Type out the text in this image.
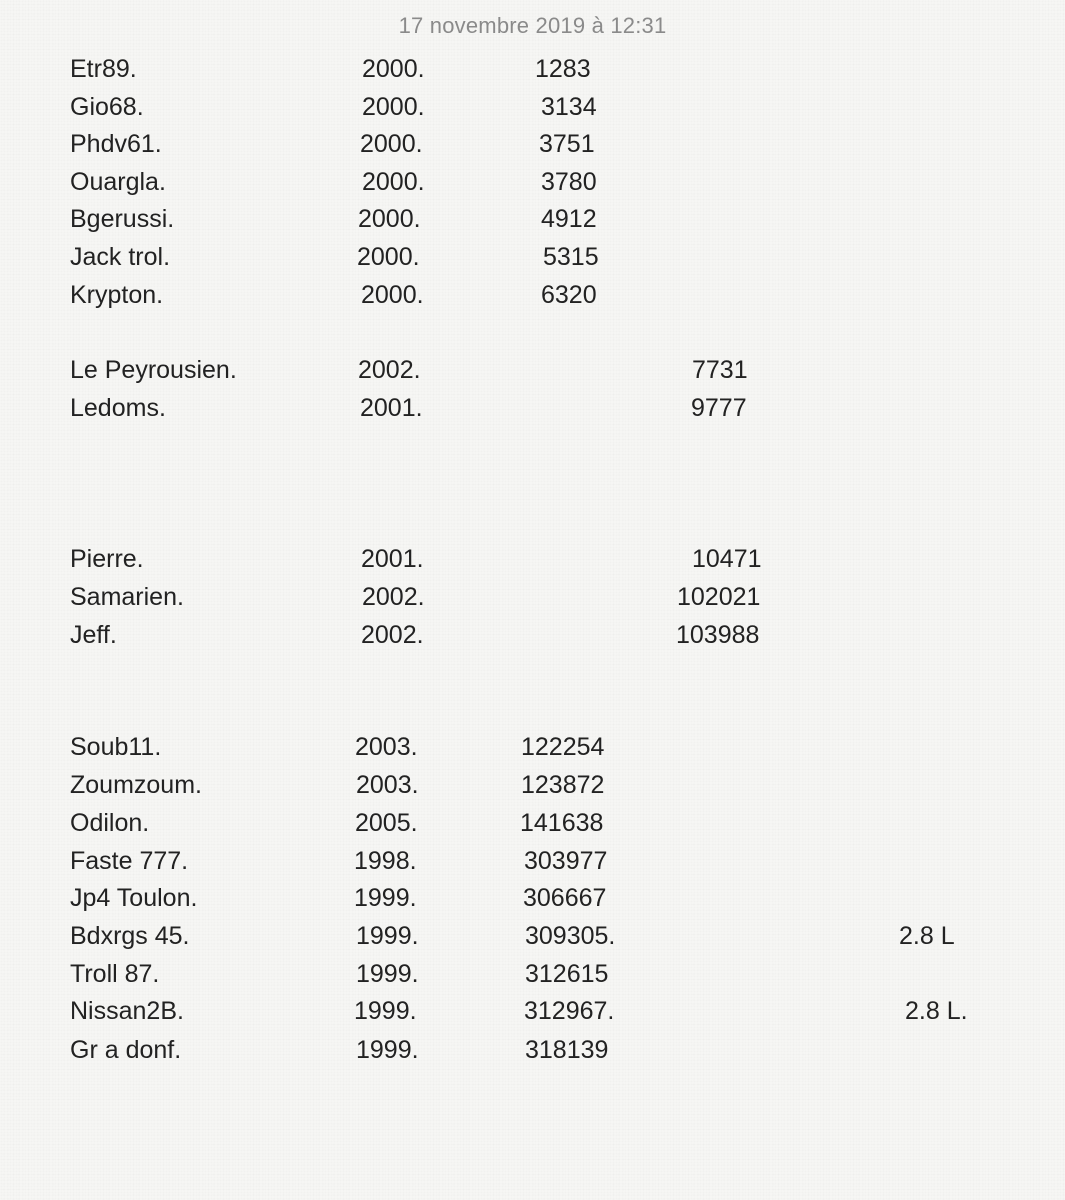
17 novembre 2019 à 12:31
Etr89.	2000.	1283
Gio68.	2000.	3134
Phdv61.	2000.	3751
Ouargla.	2000.	3780
Bgerussi.	2000.	4912
Jack trol.	2000.	5315
Krypton.	2000.	6320
Le Peyrousien.	2002.	7731
Ledoms.	2001.	9777
Pierre.	2001.	10471
Samarien.	2002.	102021
Jeff.	2002.	103988
Soub11.	2003.	122254
Zoumzoum.	2003.	123872
Odilon.	2005.	141638
Faste 777.	1998.	303977
Jp4 Toulon.	1999.	306667
Bdxrgs 45.	1999.	309305.	2.8 L
Troll 87.	1999.	312615
Nissan2B.	1999.	312967.	2.8 L.
Gr a donf.	1999.	318139
